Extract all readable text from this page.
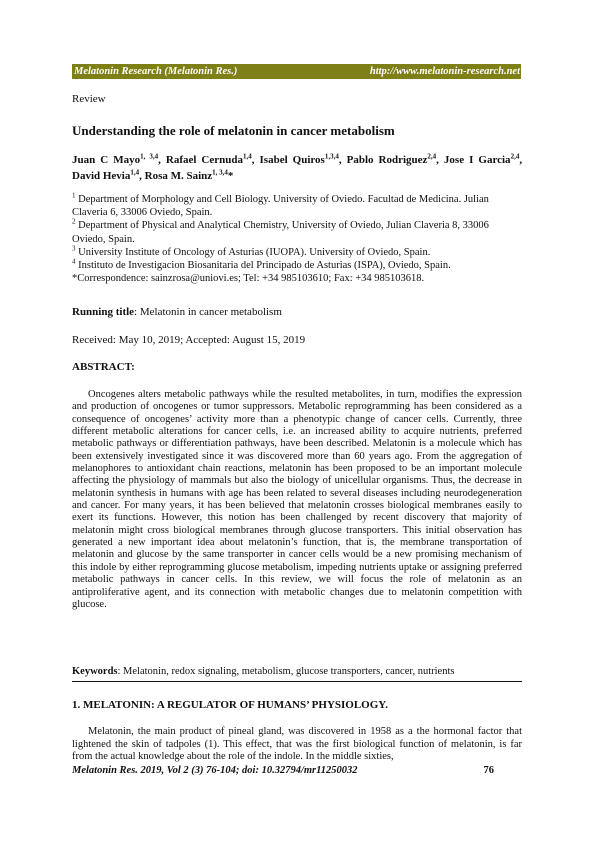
Melatonin Research (Melatonin Res.)	http://www.melatonin-research.net
Review
Understanding the role of melatonin in cancer metabolism
Juan C Mayo$^{1, 3,4}$, Rafael Cernuda$^{1,4}$, Isabel Quiros$^{1,3,4}$, Pablo Rodriguez$^{2,4}$, Jose I Garcia$^{2,4}$, David Hevia$^{1,4}$, Rosa M. Sainz$^{1, 3,4}$*
$^1$ Department of Morphology and Cell Biology. University of Oviedo. Facultad de Medicina. Julian Claveria 6, 33006 Oviedo, Spain.
$^2$ Department of Physical and Analytical Chemistry, University of Oviedo, Julian Claveria 8, 33006 Oviedo, Spain.
$^3$ University Institute of Oncology of Asturias (IUOPA). University of Oviedo, Spain.
$^4$ Instituto de Investigacion Biosanitaria del Principado de Asturias (ISPA), Oviedo, Spain.
*Correspondence: sainzrosa@uniovi.es; Tel: +34 985103610; Fax: +34 985103618.
Running title: Melatonin in cancer metabolism
Received: May 10, 2019; Accepted: August 15, 2019
ABSTRACT:

Oncogenes alters metabolic pathways while the resulted metabolites, in turn, modifies the expression and production of oncogenes or tumor suppressors. Metabolic reprogramming has been considered as a consequence of oncogenes’ activity more than a phenotypic change of cancer cells. Currently, three different metabolic alterations for cancer cells, i.e. an increased ability to acquire nutrients, preferred metabolic pathways or differentiation pathways, have been described. Melatonin is a molecule which has been extensively investigated since it was discovered more than 60 years ago. From the aggregation of melanophores to antioxidant chain reactions, melatonin has been proposed to be an important molecule affecting the physiology of mammals but also the biology of unicellular organisms. Thus, the decrease in melatonin synthesis in humans with age has been related to several diseases including neurodegeneration and cancer. For many years, it has been believed that melatonin crosses biological membranes easily to exert its functions. However, this notion has been challenged by recent discovery that majority of melatonin might cross biological membranes through glucose transporters. This initial observation has generated a new important idea about melatonin’s function, that is, the membrane transportation of melatonin and glucose by the same transporter in cancer cells would be a new promising mechanism of this indole by either reprogramming glucose metabolism, impeding nutrients uptake or assigning preferred metabolic pathways in cancer cells. In this review, we will focus the role of melatonin as an antiproliferative agent, and its connection with metabolic changes due to melatonin competition with glucose.

Keywords: Melatonin, redox signaling, metabolism, glucose transporters, cancer, nutrients
1. MELATONIN: A REGULATOR OF HUMANS’ PHYSIOLOGY.

Melatonin, the main product of pineal gland, was discovered in 1958 as a the hormonal factor that lightened the skin of tadpoles (1). This effect, that was the first biological function of melatonin, is far from the actual knowledge about the role of the indole. In the middle sixties,

Melatonin Res. 2019, Vol 2 (3) 76-104; doi: 10.32794/mr11250032	76
